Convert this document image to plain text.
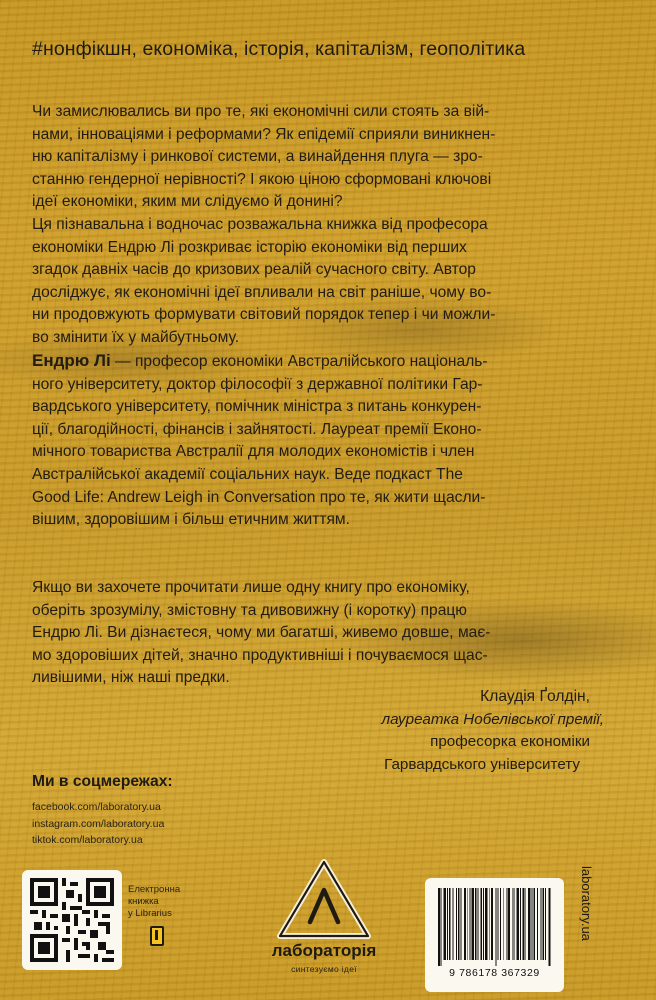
#нонфікшн, економіка, історія, капіталізм, геополітика

Чи замислювались ви про те, які економічні сили стоять за вій-

нами, інноваціями і реформами? Як епідемії сприяли виникнен-

ню капіталізму і ринкової системи, а винайдення плуга — зро-

станню гендерної нерівності? І якою ціною сформовані ключові

ідеї економіки, яким ми слідуємо й донині?

Ця пізнавальна і водночас розважальна книжка від професора

економіки Ендрю Лі розкриває історію економіки від перших

згадок давніх часів до кризових реалій сучасного світу. Автор

досліджує, як економічні ідеї впливали на світ раніше, чому во-

ни продовжують формувати світовий порядок тепер і чи можли-

во змінити їх у майбутньому.

Ендрю Лі — професор економіки Австралійського національ-

ного університету, доктор філософії з державної політики Гар-

вардського університету, помічник міністра з питань конкурен-

ції, благодійності, фінансів і зайнятості. Лауреат премії Еконо-

мічного товариства Австралії для молодих економістів і член

Австралійської академії соціальних наук. Веде подкаст The

Good Life: Andrew Leigh in Conversation про те, як жити щасли-

вішим, здоровішим і більш етичним життям.

Якщо ви захочете прочитати лише одну книгу про економіку,

оберіть зрозумілу, змістовну та дивовижну (і коротку) працю

Ендрю Лі. Ви дізнаєтеся, чому ми багатші, живемо довше, має-

мо здоровіших дітей, значно продуктивніші і почуваємося щас-

ливішими, ніж наші предки.

Клаудія Ґолдін,
лауреатка Нобелівської премії,
професорка економіки
Гарвардського університету
Ми в соцмережах:
facebook.com/laboratory.ua
instagram.com/laboratory.ua
tiktok.com/laboratory.ua
Електронна
книжка
у Librarius
лабораторія
синтезуємо ідеї	9 786178 367329
laboratory.ua
